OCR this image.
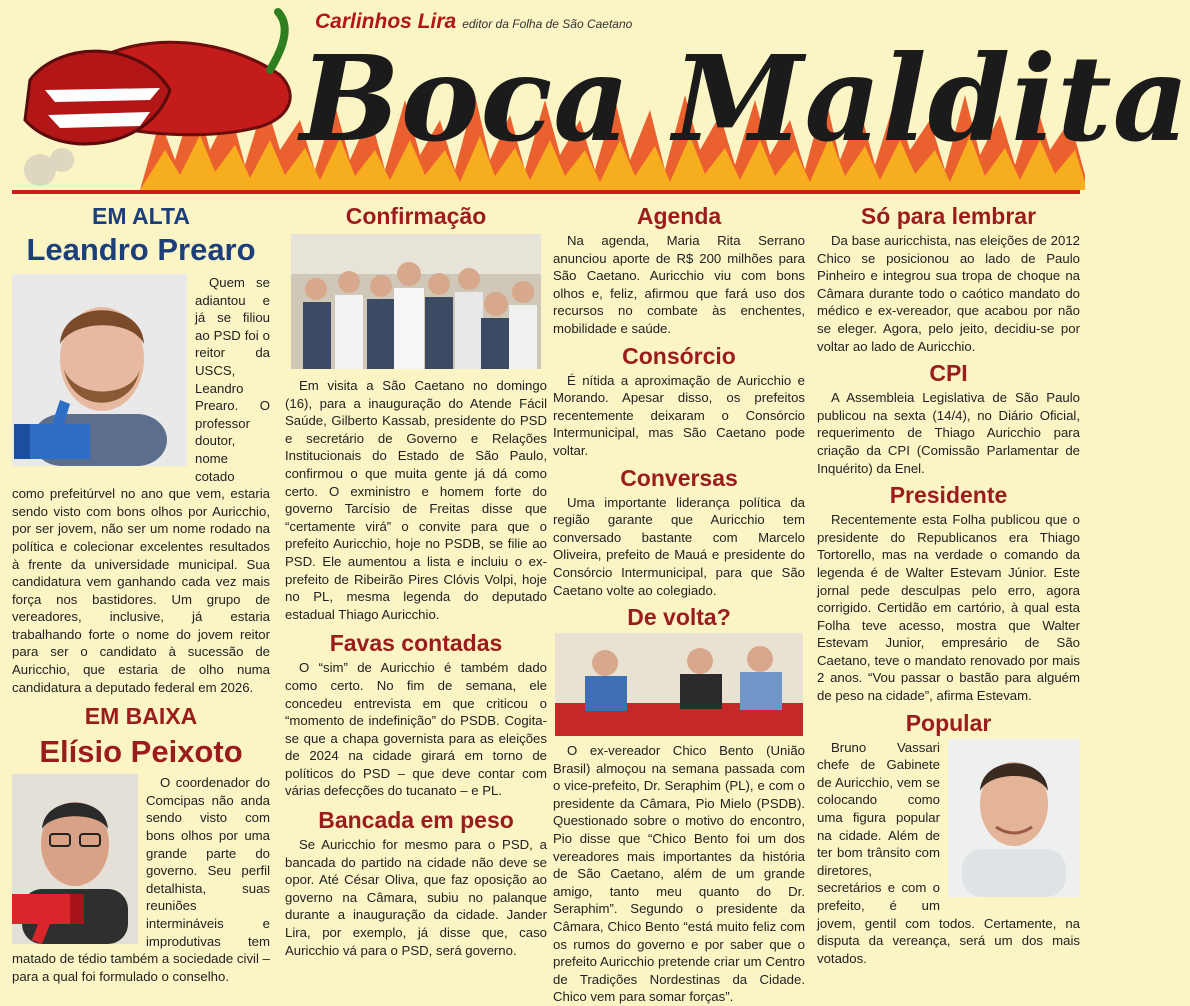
Carlinhos Lira editor da Folha de São Caetano
Boca Maldita
EM ALTA
Leandro Prearo

Quem se adiantou e já se filiou ao PSD foi o reitor da USCS, Leandro Prearo. O professor doutor, nome cotado como prefeitúrvel no ano que vem, estaria sendo visto com bons olhos por Auricchio, por ser jovem, não ser um nome rodado na política e colecionar excelentes resultados à frente da universidade municipal. Sua candidatura vem ganhando cada vez mais força nos bastidores. Um grupo de vereadores, inclusive, já estaria trabalhando forte o nome do jovem reitor para ser o candidato à sucessão de Auricchio, que estaria de olho numa candidatura a deputado federal em 2026.

EM BAIXA
Elísio Peixoto

O coordenador do Comcipas não anda sendo visto com bons olhos por uma grande parte do governo. Seu perfil detalhista, suas reuniões intermináveis e improdutivas tem matado de tédio também a sociedade civil – para a qual foi formulado o conselho.

Confirmação

Em visita a São Caetano no domingo (16), para a inauguração do Atende Fácil Saúde, Gilberto Kassab, presidente do PSD e secretário de Governo e Relações Institucionais do Estado de São Paulo, confirmou o que muita gente já dá como certo. O exministro e homem forte do governo Tarcísio de Freitas disse que “certamente virá” o convite para que o prefeito Auricchio, hoje no PSDB, se filie ao PSD. Ele aumentou a lista e incluiu o ex-prefeito de Ribeirão Pires Clóvis Volpi, hoje no PL, mesma legenda do deputado estadual Thiago Auricchio.

Favas contadas

O “sim” de Auricchio é também dado como certo. No fim de semana, ele concedeu entrevista em que criticou o “momento de indefinição” do PSDB. Cogita-se que a chapa governista para as eleições de 2024 na cidade girará em torno de políticos do PSD – que deve contar com várias defecções do tucanato – e PL.

Bancada em peso

Se Auricchio for mesmo para o PSD, a bancada do partido na cidade não deve se opor. Até César Oliva, que faz oposição ao governo na Câmara, subiu no palanque durante a inauguração da cidade. Jander Lira, por exemplo, já disse que, caso Auricchio vá para o PSD, será governo.

Agenda

Na agenda, Maria Rita Serrano anunciou aporte de R$ 200 milhões para São Caetano. Auricchio viu com bons olhos e, feliz, afirmou que fará uso dos recursos no combate às enchentes, mobilidade e saúde.

Consórcio

É nítida a aproximação de Auricchio e Morando. Apesar disso, os prefeitos recentemente deixaram o Consórcio Intermunicipal, mas São Caetano pode voltar.

Conversas

Uma importante liderança política da região garante que Auricchio tem conversado bastante com Marcelo Oliveira, prefeito de Mauá e presidente do Consórcio Intermunicipal, para que São Caetano volte ao colegiado.

De volta?

O ex-vereador Chico Bento (União Brasil) almoçou na semana passada com o vice-prefeito, Dr. Seraphim (PL), e com o presidente da Câmara, Pio Mielo (PSDB). Questionado sobre o motivo do encontro, Pio disse que “Chico Bento foi um dos vereadores mais importantes da história de São Caetano, além de um grande amigo, tanto meu quanto do Dr. Seraphim”. Segundo o presidente da Câmara, Chico Bento “está muito feliz com os rumos do governo e por saber que o prefeito Auricchio pretende criar um Centro de Tradições Nordestinas da Cidade. Chico vem para somar forças”.

Só para lembrar

Da base auricchista, nas eleições de 2012 Chico se posicionou ao lado de Paulo Pinheiro e integrou sua tropa de choque na Câmara durante todo o caótico mandato do médico e ex-vereador, que acabou por não se eleger. Agora, pelo jeito, decidiu-se por voltar ao lado de Auricchio.

CPI

A Assembleia Legislativa de São Paulo publicou na sexta (14/4), no Diário Oficial, requerimento de Thiago Auricchio para criação da CPI (Comissão Parlamentar de Inquérito) da Enel.

Presidente

Recentemente esta Folha publicou que o presidente do Republicanos era Thiago Tortorello, mas na verdade o comando da legenda é de Walter Estevam Júnior. Este jornal pede desculpas pelo erro, agora corrigido. Certidão em cartório, à qual esta Folha teve acesso, mostra que Walter Estevam Junior, empresário de São Caetano, teve o mandato renovado por mais 2 anos. “Vou passar o bastão para alguém de peso na cidade”, afirma Estevam.

Popular

Bruno Vassari chefe de Gabinete de Auricchio, vem se colocando como uma figura popular na cidade. Além de ter bom trânsito com diretores, secretários e com o prefeito, é um jovem, gentil com todos. Certamente, na disputa da vereança, será um dos mais votados.
